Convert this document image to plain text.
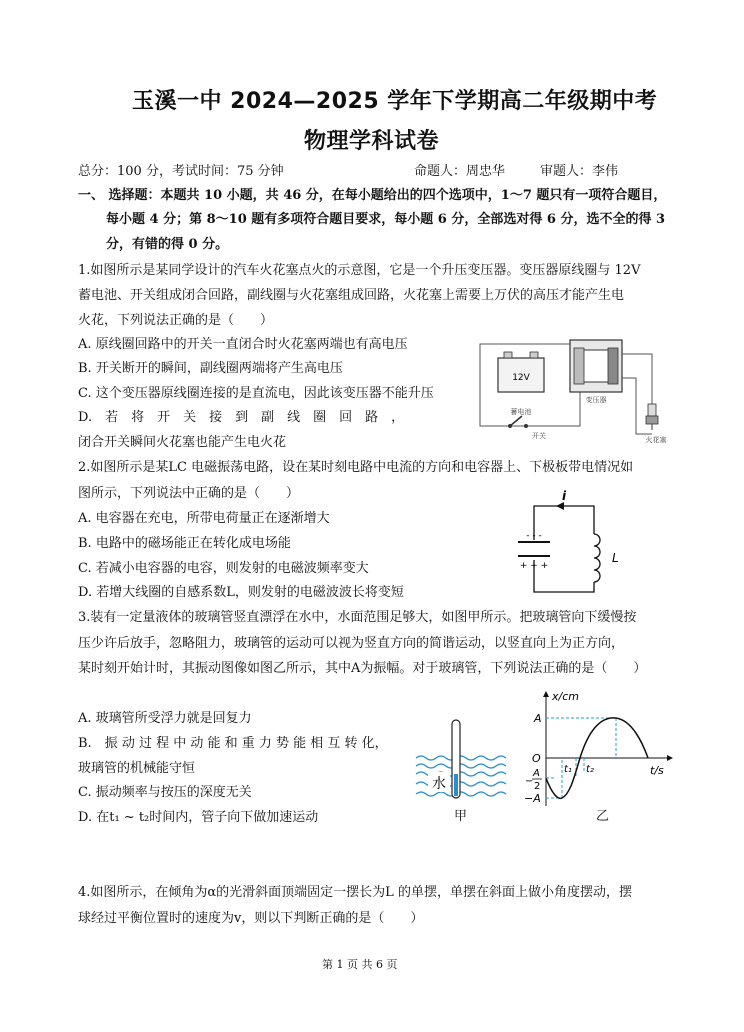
玉溪一中 2024—2025 学年下学期高二年级期中考
物理学科试卷
总分：100 分，考试时间：75 分钟	命题人：周忠华	审题人：李伟
一、 选择题：本题共 10 小题，共 46 分，在每小题给出的四个选项中，1～7 题只有一项符合题目，
每小题 4 分；第 8～10 题有多项符合题目要求，每小题 6 分，全部选对得 6 分，选不全的得 3
分，有错的得 0 分。
1.如图所示是某同学设计的汽车火花塞点火的示意图，它是一个升压变压器。变压器原线圈与 12V
蓄电池、开关组成闭合回路，副线圈与火花塞组成回路，火花塞上需要上万伏的高压才能产生电
火花，下列说法正确的是（　　）
A. 原线圈回路中的开关一直闭合时火花塞两端也有高电压
B. 开关断开的瞬间，副线圈两端将产生高电压
C. 这个变压器原线圈连接的是直流电，因此该变压器不能升压
D.　若　将　开　关　接　到　副　线　圈　回　路　，
闭合开关瞬间火花塞也能产生电火花
12V
蓄电池
开关
变压器
火花塞
2.如图所示是某LC 电磁振荡电路，设在某时刻电路中电流的方向和电容器上、下极板带电情况如
图所示，下列说法中正确的是（　　）
A. 电容器在充电，所带电荷量正在逐渐增大
B. 电路中的磁场能正在转化成电场能
C. 若减小电容器的电容，则发射的电磁波频率变大
D. 若增大线圈的自感系数L，则发射的电磁波波长将变短
- - -
+ + +
L
i
3.装有一定量液体的玻璃管竖直漂浮在水中，水面范围足够大，如图甲所示。把玻璃管向下缓慢按
压少许后放手，忽略阻力，玻璃管的运动可以视为竖直方向的简谐运动，以竖直向上为正方向，
某时刻开始计时，其振动图像如图乙所示，其中A为振幅。对于玻璃管，下列说法正确的是（　　）
A. 玻璃管所受浮力就是回复力
B.　振 动 过 程 中 动 能 和 重 力 势 能 相 互 转 化，
玻璃管的机械能守恒
C. 振动频率与按压的深度无关
D. 在t₁ ~ t₂时间内，管子向下做加速运动
水
甲
x/cm
t/s
O
A
−
A
2
−A
t₁ t₂
乙
4.如图所示，在倾角为α的光滑斜面顶端固定一摆长为L 的单摆，单摆在斜面上做小角度摆动，摆
球经过平衡位置时的速度为v，则以下判断正确的是（　　）
第 1 页 共 6 页
